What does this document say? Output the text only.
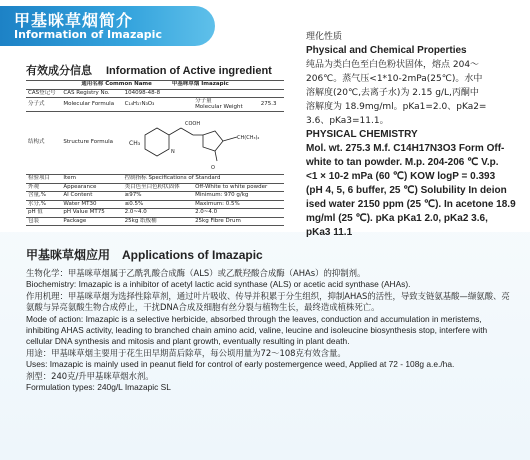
甲基咪草烟简介
Information of Imazapic
有效成分信息 Information of Active ingredient
通用名称 Common Name 甲基咪草烟 Imazapic				
CAS登记号	CAS Registry No.	104098-48-8		
分子式	Molecular Formula	C₁₄H₁₇N₃O₃	分子量
Molecular Weight	275.3
结构式	Structure Formula	CH₃
COOH
CH(CH₃)₂
O
N		

检验项目	Item	控制指标 Specifications of Standard		
外观	Appearance	类白色至白色粉状固体	Off-White to white powder	
含量,%	AI Content	≥97%	Minimum: 970 g/kg	
水分,%	Water MT30	≤0.5%	Maximum: 0.5%	
pH 值	pH Value MT75	2.0~4.0	2.0~4.0	
包装	Package	25kg 纸板桶	25kg Fibre Drum	
理化性质
Physical and Chemical Properties
纯品为类白色至白色粉状固体，熔点 204～
206℃。蒸气压<1*10-2mPa(25℃)。水中
溶解度(20℃,去离子水)为 2.15 g/L,丙酮中
溶解度为 18.9mg/ml。pKa1=2.0、pKa2=
3.6、pKa3=11.1。
PHYSICAL CHEMISTRY
Mol. wt. 275.3 M.f. C14H17N3O3 Form Off-
white to tan powder. M.p. 204-206 ℃ V.p.
<1 × 10-2 mPa (60 ℃) KOW logP = 0.393
(pH 4, 5, 6 buffer, 25 ℃) Solubility In deion
ised water 2150 ppm (25 ℃). In acetone 18.9
mg/ml (25 ℃). pKa pKa1 2.0, pKa2 3.6,
pKa3 11.1
甲基咪草烟应用 Applications of Imazapic

生物化学：甲基咪草烟属于乙酰乳酸合成酶（ALS）或乙酰羟酸合成酶（AHAs）的抑制剂。

Biochemistry: Imazapic is a inhibitor of acetyl lactic acid synthase (ALS) or acetic acid synthase (AHAs).

作用机理：甲基咪草烟为选择性除草剂，通过叶片吸收、传导并积累于分生组织，抑制AHAS的活性，导致支链氨基酸—缬氨酸、亮氨酸与异亮氨酸生物合成停止，干扰DNA合成及细胞有丝分裂与植物生长，最终造成植株死亡。

Mode of action: Imazapic is a selective herbicide, absorbed through the leaves, conduction and accumulation in meristems, inhibiting AHAS activity, leading to branched chain amino acid, valine, leucine and isoleucine biosynthesis stop, interfere with cellular DNA synthesis and mitosis and plant growth, eventually resulting in plant death.

用途：甲基咪草烟主要用于花生田早期苗后除草，每公顷用量为72～108克有效含量。

Uses: Imazapic is mainly used in peanut field for control of early postemergence weed, Applied at 72 - 108g a.e./ha.

剂型：240克/升甲基咪草烟水剂。

Formulation types: 240g/L Imazapic SL
